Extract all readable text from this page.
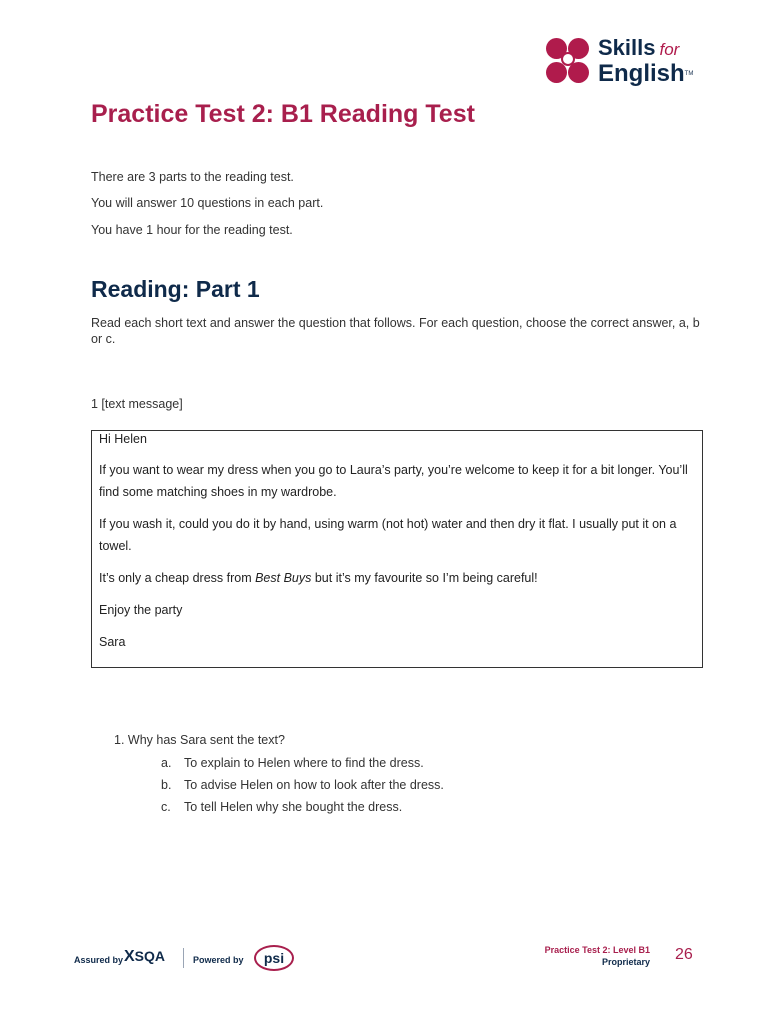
Skills for
EnglishTM
Practice Test 2: B1 Reading Test

There are 3 parts to the reading test.

You will answer 10 questions in each part.

You have 1 hour for the reading test.

Reading: Part 1

Read each short text and answer the question that follows. For each question, choose the correct answer, a, b or c.

1 [text message]

Hi Helen

If you want to wear my dress when you go to Laura’s party, you’re welcome to keep it for a bit longer. You’ll find some matching shoes in my wardrobe.

If you wash it, could you do it by hand, using warm (not hot) water and then dry it flat. I usually put it on a towel.

It’s only a cheap dress from Best Buys but it’s my favourite so I’m being careful!

Enjoy the party

Sara

1. Why has Sara sent the text?

a. To explain to Helen where to find the dress.

b. To advise Helen on how to look after the dress.

c. To tell Helen why she bought the dress.

Assured by XSQA	Powered by	psi	Practice Test 2: Level B1
Proprietary 26
